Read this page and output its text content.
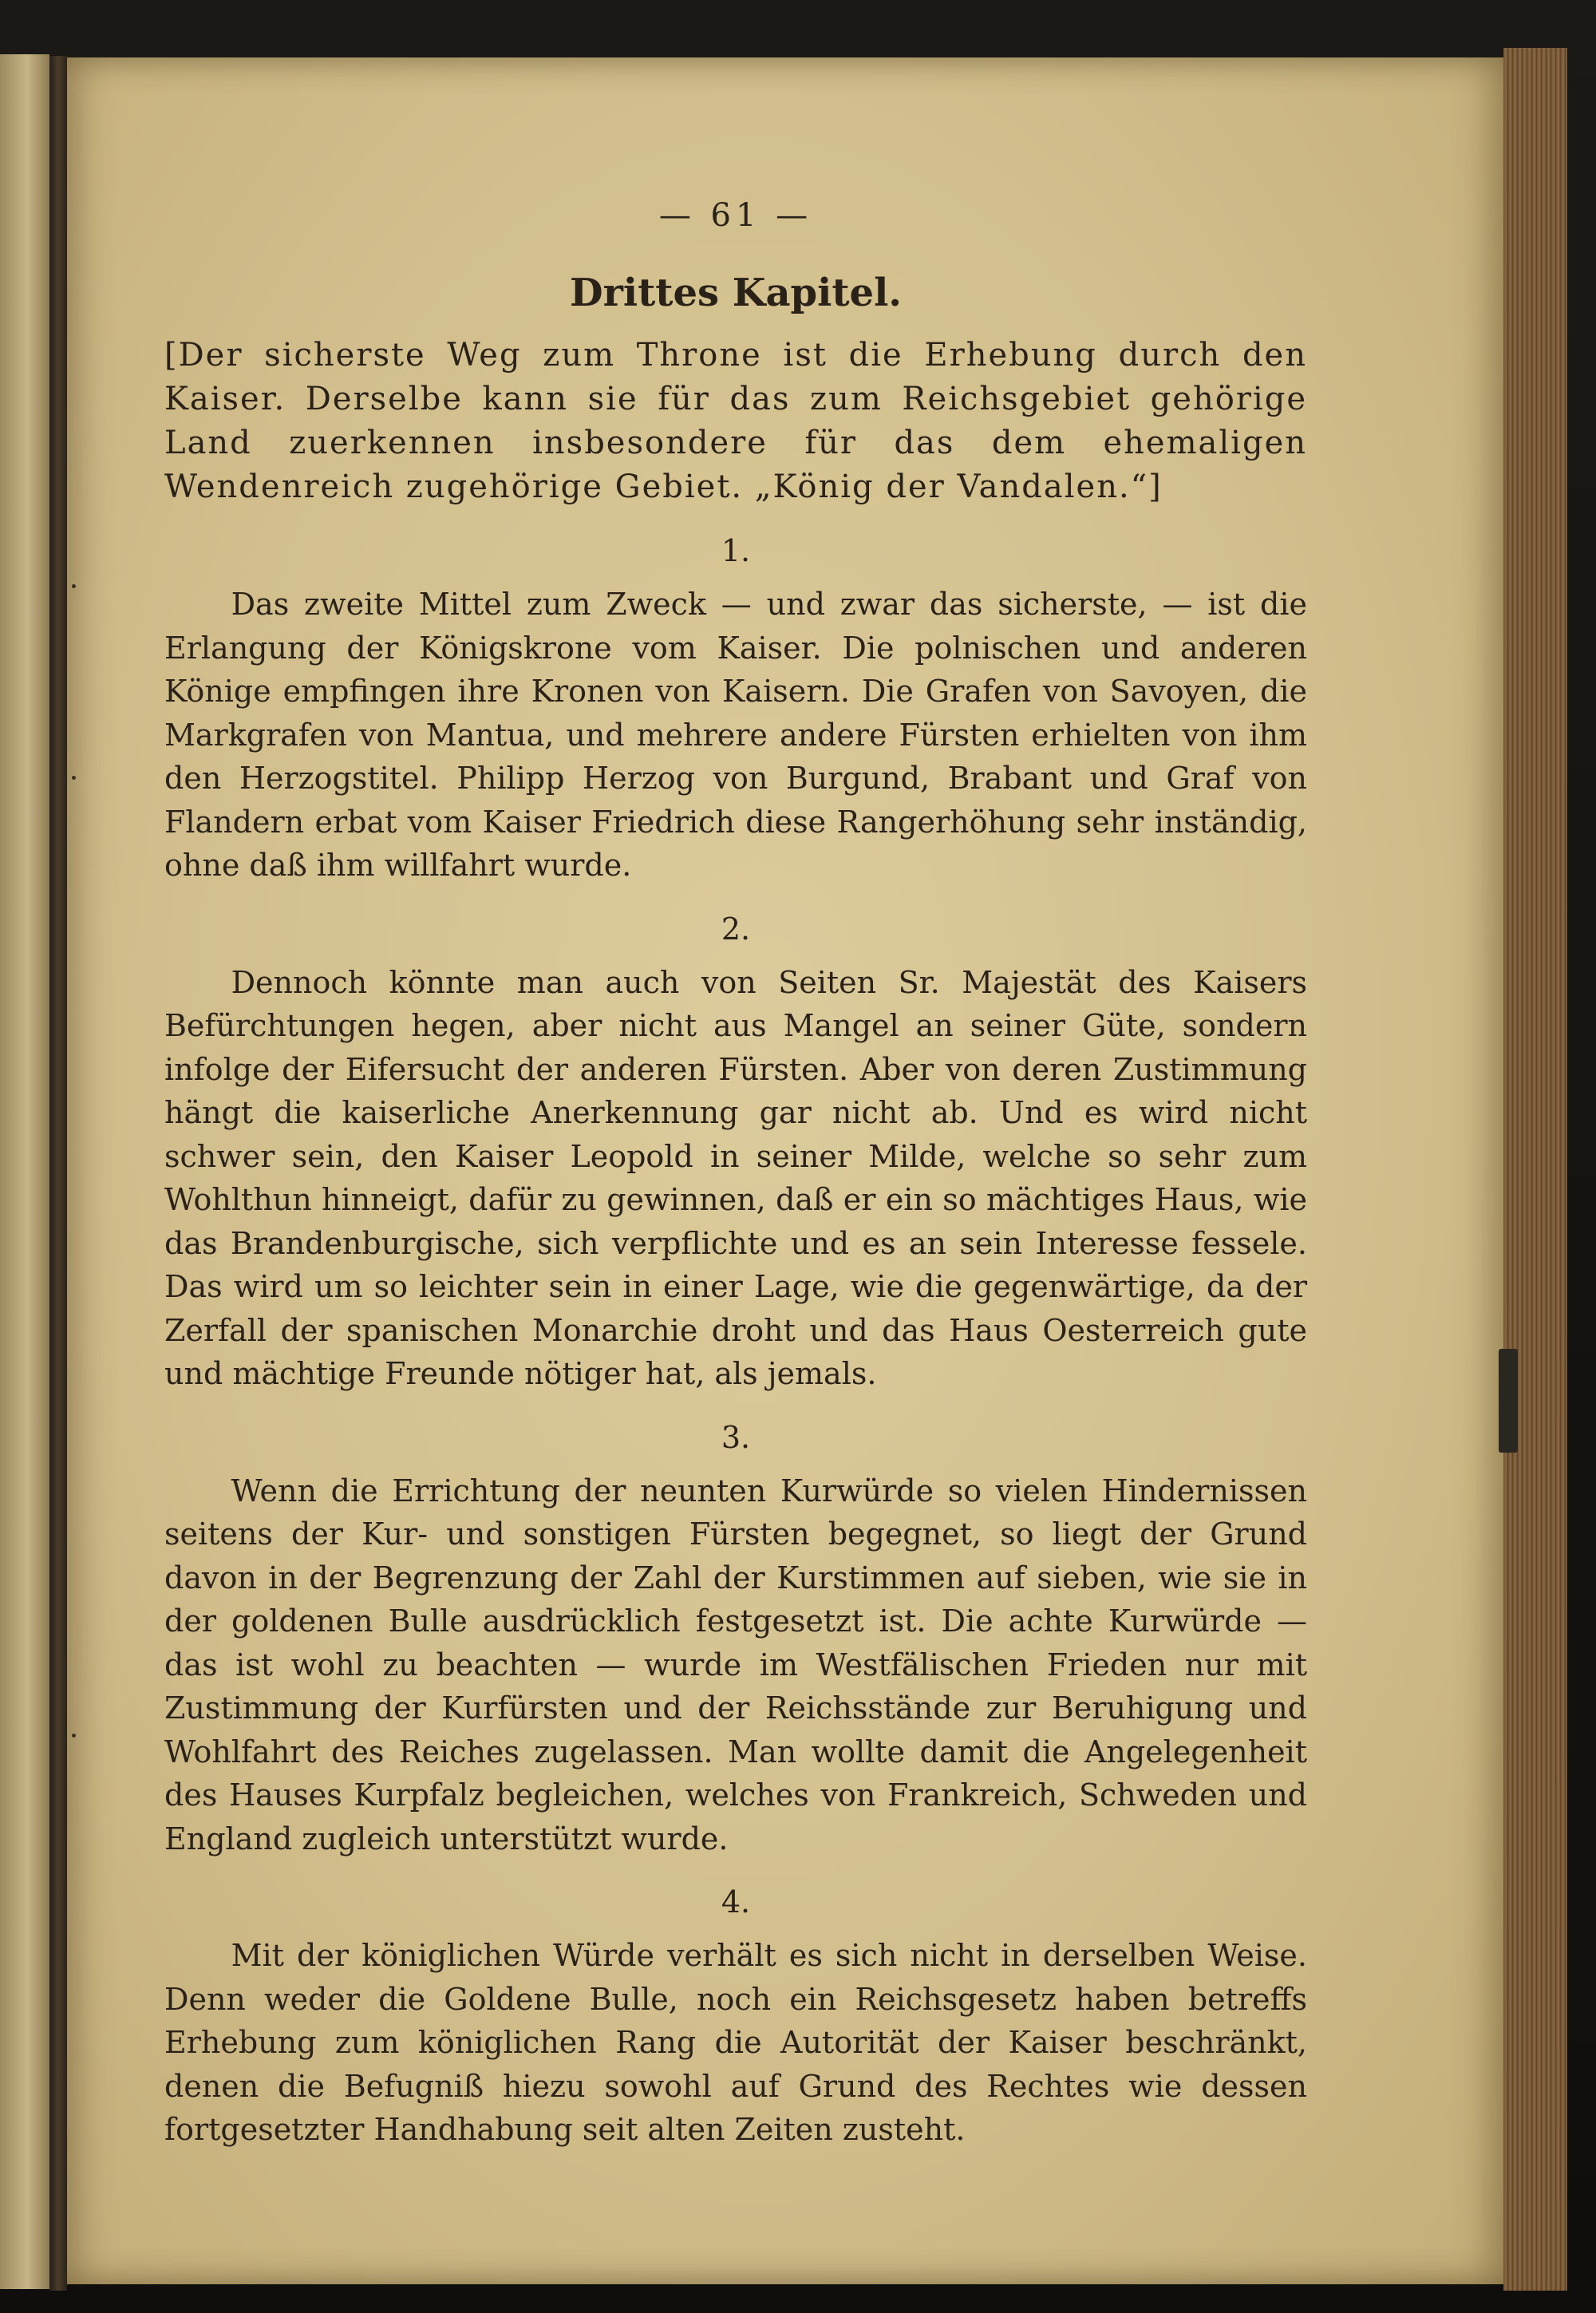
— 61 —
Drittes Kapitel.

[Der sicherste Weg zum Throne ist die Erhebung durch den Kaiser. Derselbe kann sie für das zum Reichsgebiet gehörige Land zuerkennen insbesondere für das dem ehemaligen Wendenreich zugehörige Gebiet. „König der Vandalen.“]

1.

Das zweite Mittel zum Zweck — und zwar das sicherste, — ist die Erlangung der Königskrone vom Kaiser. Die polnischen und anderen Könige empfingen ihre Kronen von Kaisern. Die Grafen von Savoyen, die Markgrafen von Mantua, und mehrere andere Fürsten erhielten von ihm den Herzogstitel. Philipp Herzog von Burgund, Brabant und Graf von Flandern erbat vom Kaiser Friedrich diese Rangerhöhung sehr inständig, ohne daß ihm willfahrt wurde.

2.

Dennoch könnte man auch von Seiten Sr. Majestät des Kaisers Befürchtungen hegen, aber nicht aus Mangel an seiner Güte, sondern infolge der Eifersucht der anderen Fürsten. Aber von deren Zustimmung hängt die kaiserliche Anerkennung gar nicht ab. Und es wird nicht schwer sein, den Kaiser Leopold in seiner Milde, welche so sehr zum Wohlthun hinneigt, dafür zu gewinnen, daß er ein so mächtiges Haus, wie das Brandenburgische, sich verpflichte und es an sein Interesse fessele. Das wird um so leichter sein in einer Lage, wie die gegenwärtige, da der Zerfall der spanischen Monarchie droht und das Haus Oesterreich gute und mächtige Freunde nötiger hat, als jemals.

3.

Wenn die Errichtung der neunten Kurwürde so vielen Hindernissen seitens der Kur- und sonstigen Fürsten begegnet, so liegt der Grund davon in der Begrenzung der Zahl der Kurstimmen auf sieben, wie sie in der goldenen Bulle ausdrücklich festgesetzt ist. Die achte Kurwürde — das ist wohl zu beachten — wurde im Westfälischen Frieden nur mit Zustimmung der Kurfürsten und der Reichsstände zur Beruhigung und Wohlfahrt des Reiches zugelassen. Man wollte damit die Angelegenheit des Hauses Kurpfalz begleichen, welches von Frankreich, Schweden und England zugleich unterstützt wurde.

4.

Mit der königlichen Würde verhält es sich nicht in derselben Weise. Denn weder die Goldene Bulle, noch ein Reichsgesetz haben betreffs Erhebung zum königlichen Rang die Autorität der Kaiser beschränkt, denen die Befugniß hiezu sowohl auf Grund des Rechtes wie dessen fortgesetzter Handhabung seit alten Zeiten zusteht.
